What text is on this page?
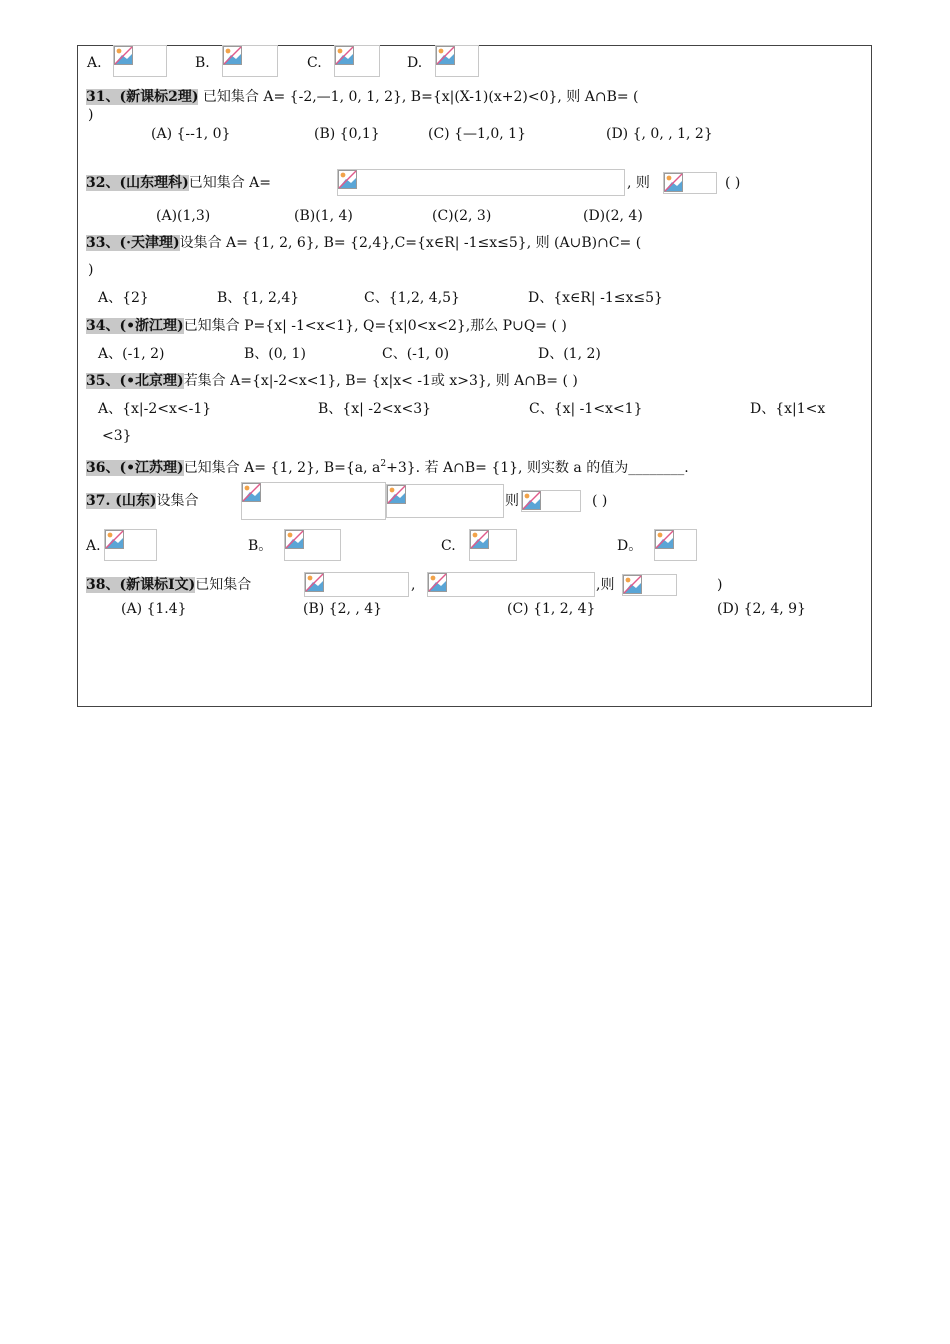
A.	B.	C.	D.
31、(新课标2理) 已知集合 A= {-2,—1, 0, 1, 2}, B={x|(X-1)(x+2)<0}, 则 A∩B= (
)
(A) {--1, 0}	(B) {0,1}	(C) {—1,0, 1}	(D) {, 0, , 1, 2}
32、(山东理科)已知集合 A=	, 则	( )
(A)(1,3)	(B)(1, 4)	(C)(2, 3)	(D)(2, 4)
33、(·天津理)设集合 A= {1, 2, 6}, B= {2,4},C={x∈R| -1≤x≤5}, 则 (A∪B)∩C= (
)
A、{2}	B、{1, 2,4}	C、{1,2, 4,5}	D、{x∈R| -1≤x≤5}
34、(•浙江理)已知集合 P={x| -1<x<1}, Q={x|0<x<2},那么 P∪Q= ( )
A、(-1, 2)	B、(0, 1)	C、(-1, 0)	D、(1, 2)
35、(•北京理)若集合 A={x|-2<x<1}, B= {x|x< -1或 x>3}, 则 A∩B= ( )
A、{x|-2<x<-1}	B、{x| -2<x<3}	C、{x| -1<x<1}	D、{x|1<x
<3}
36、(•江苏理)已知集合 A= {1, 2}, B={a, $a^2+3$}. 若 A∩B= {1}, 则实数 a 的值为________.
37. (山东)设集合	则	( )
A.	B。	C.	D。
38、(新课标Ⅰ文)已知集合	,	,则	)
(A) {1.4}	(B) {2, , 4}	(C) {1, 2, 4}	(D) {2, 4, 9}
